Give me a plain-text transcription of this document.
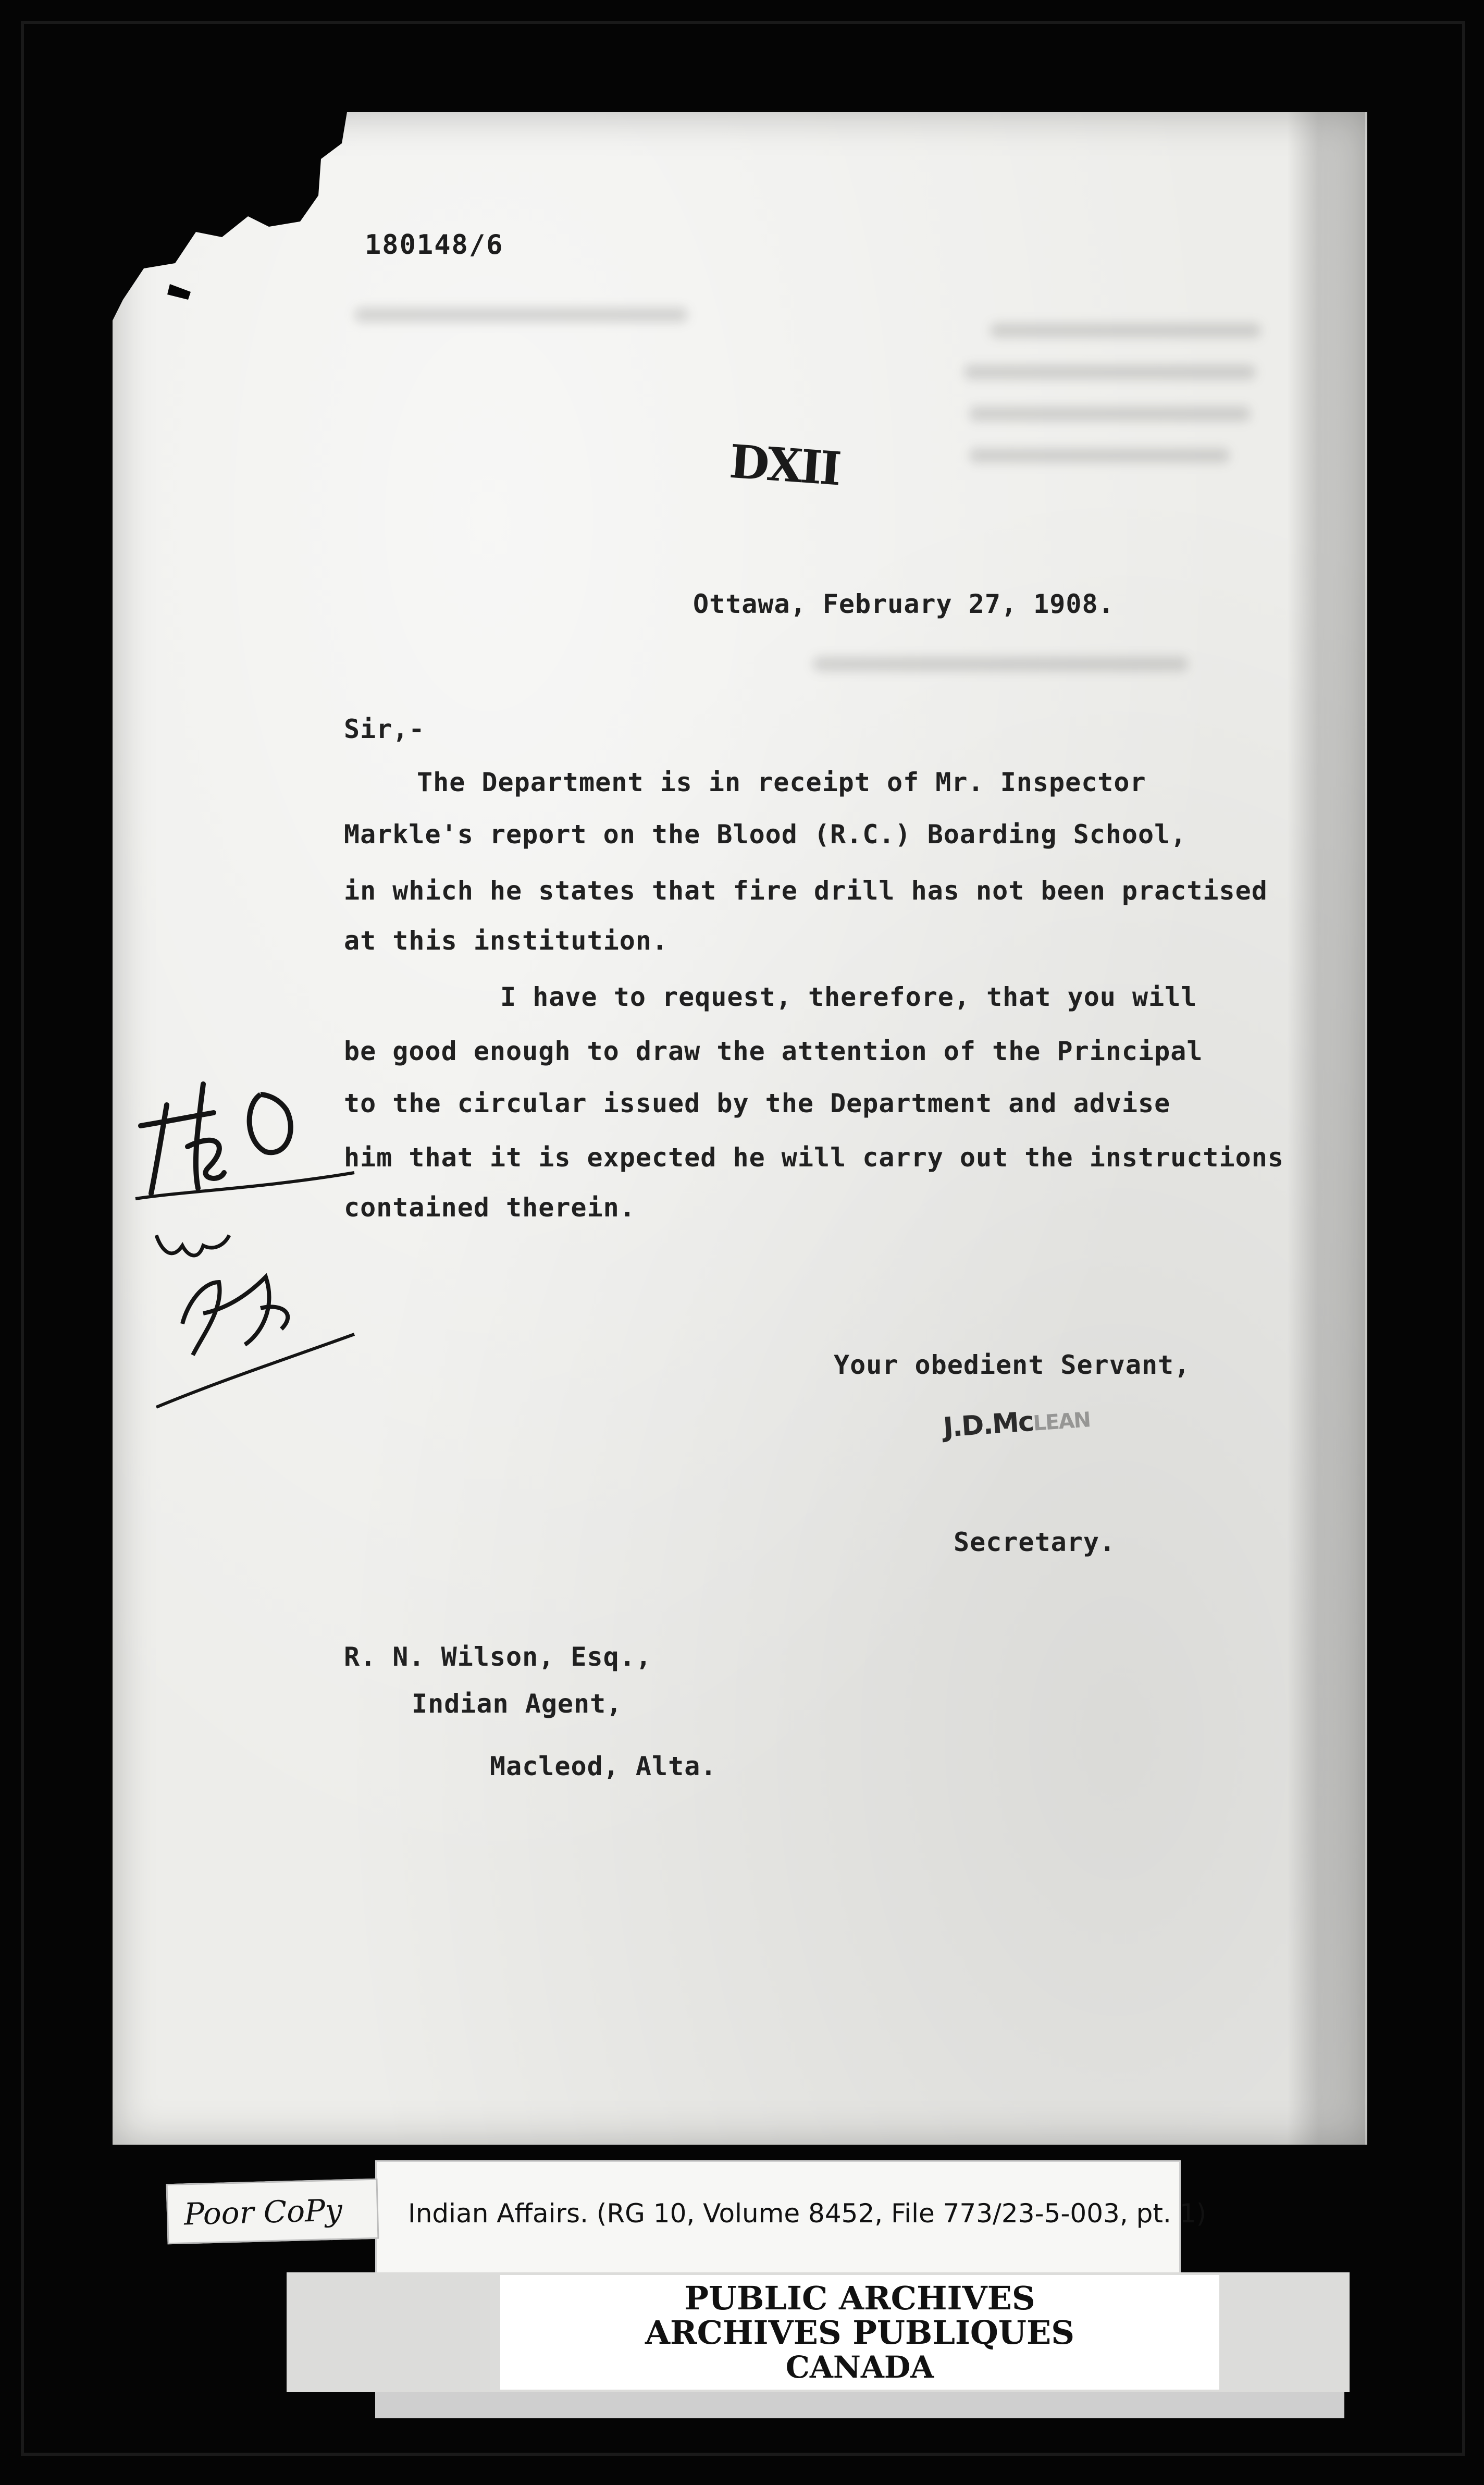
180148/6
DXII
Ottawa, February 27, 1908.
Sir,-
The Department is in receipt of Mr. Inspector
Markle's report on the Blood (R.C.) Boarding School,
in which he states that fire drill has not been practised
at this institution.
I have to request, therefore, that you will
be good enough to draw the attention of the Principal
to the circular issued by the Department and advise
him that it is expected he will carry out the instructions
contained therein.
Your obedient Servant,
J.D.McLEAN
Secretary.
R. N. Wilson, Esq.,
Indian Agent,
Macleod, Alta.
Indian Affairs. (RG 10, Volume 8452, File 773/23-5-003, pt. 1)
Poor CoPy
PUBLIC ARCHIVES
ARCHIVES PUBLIQUES
CANADA
